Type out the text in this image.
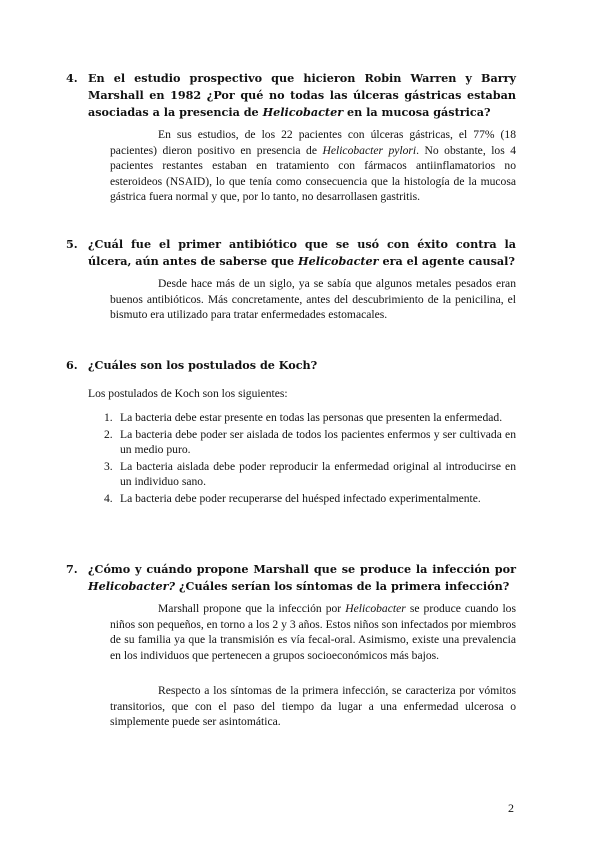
4. En el estudio prospectivo que hicieron Robin Warren y Barry Marshall en 1982 ¿Por qué no todas las úlceras gástricas estaban asociadas a la presencia de Helicobacter en la mucosa gástrica?
En sus estudios, de los 22 pacientes con úlceras gástricas, el 77% (18 pacientes) dieron positivo en presencia de Helicobacter pylori. No obstante, los 4 pacientes restantes estaban en tratamiento con fármacos antiinflamatorios no esteroideos (NSAID), lo que tenía como consecuencia que la histología de la mucosa gástrica fuera normal y que, por lo tanto, no desarrollasen gastritis.
5. ¿Cuál fue el primer antibiótico que se usó con éxito contra la úlcera, aún antes de saberse que Helicobacter era el agente causal?
Desde hace más de un siglo, ya se sabía que algunos metales pesados eran buenos antibióticos. Más concretamente, antes del descubrimiento de la penicilina, el bismuto era utilizado para tratar enfermedades estomacales.
6. ¿Cuáles son los postulados de Koch?
Los postulados de Koch son los siguientes:
1. La bacteria debe estar presente en todas las personas que presenten la enfermedad.
2. La bacteria debe poder ser aislada de todos los pacientes enfermos y ser cultivada en un medio puro.
3. La bacteria aislada debe poder reproducir la enfermedad original al introducirse en un individuo sano.
4. La bacteria debe poder recuperarse del huésped infectado experimentalmente.
7. ¿Cómo y cuándo propone Marshall que se produce la infección por Helicobacter? ¿Cuáles serían los síntomas de la primera infección?
Marshall propone que la infección por Helicobacter se produce cuando los niños son pequeños, en torno a los 2 y 3 años. Estos niños son infectados por miembros de su familia ya que la transmisión es vía fecal-oral. Asimismo, existe una prevalencia en los individuos que pertenecen a grupos socioeconómicos más bajos.
Respecto a los síntomas de la primera infección, se caracteriza por vómitos transitorios, que con el paso del tiempo da lugar a una enfermedad ulcerosa o simplemente puede ser asintomática.
2
